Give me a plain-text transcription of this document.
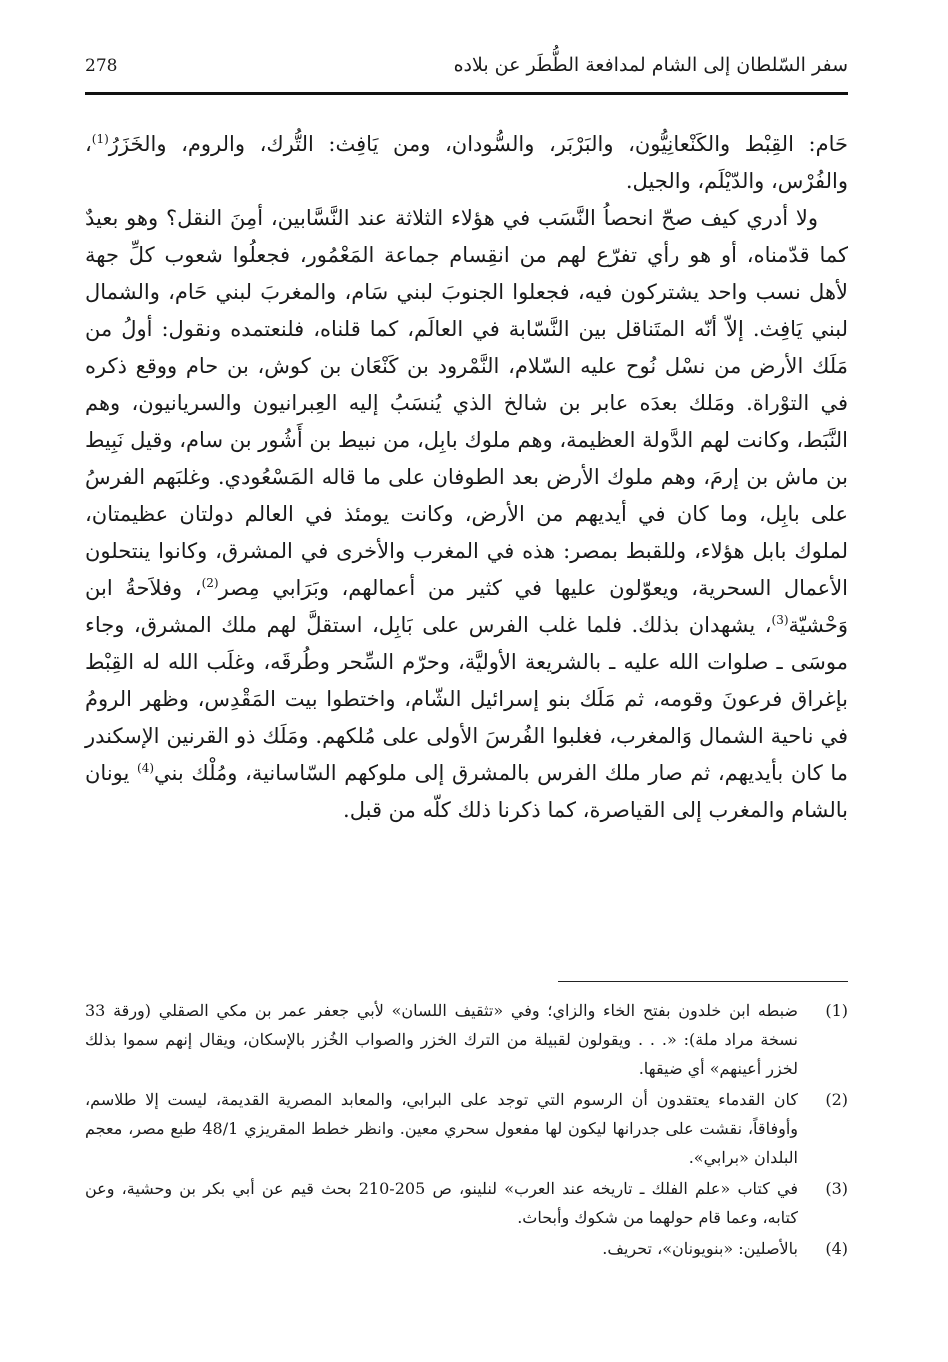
سفر السّلطان إلى الشام لمدافعة الطُّطَر عن بلاده
278

حَام: القِبْط والكَنْعانِيُّون، والبَرْبَر، والسُّودان، ومن يَافِث: التُّرك، والروم، والخَزَرُ$^{(1)}$، والفُرْس، والدّيْلَم، والجيل.

ولا أدري كيف صحّ انحصاُ النَّسَب في هؤلاء الثلاثة عند النَّسَّابين، أمِنَ النقل؟ وهو بعيدٌ كما قدّمناه، أو هو رأي تفرّع لهم من انقِسام جماعة المَعْمُور، فجعلُوا شعوب كلِّ جهة لأهل نسب واحد يشتركون فيه، فجعلوا الجنوبَ لبني سَام، والمغربَ لبني حَام، والشمال لبني يَافِث. إلاّ أنّه المتَناقل بين النَّسّابة في العالَم، كما قلناه، فلنعتمده ونقول: أولُ من مَلَك الأرض من نسْل نُوح عليه السّلام، النَّمْرود بن كَنْعَان بن كوش، بن حام ووقع ذكره في التوْراة. ومَلك بعدَه عابر بن شالخ الذي يُنسَبُ إليه العِبرانيون والسريانيون، وهم النَّبَط، وكانت لهم الدَّولة العظيمة، وهم ملوك بابِل، من نبيط بن أَشُور بن سام، وقيل نَبِيط بن ماش بن إرمَ، وهم ملوك الأرض بعد الطوفان على ما قاله المَسْعُودي. وغلبَهم الفرسُ على بابِل، وما كان في أيديهم من الأرض، وكانت يومئذ في العالم دولتان عظيمتان، لملوك بابل هؤلاء، وللقبط بمصر: هذه في المغرب والأخرى في المشرق، وكانوا ينتحلون الأعمال السحرية، ويعوّلون عليها في كثير من أعمالهم، وبَرَابي مِصر$^{(2)}$، وفلاَحةُ ابن وَحْشيّة$^{(3)}$، يشهدان بذلك. فلما غلب الفرس على بَابِل، استقلَّ لهم ملك المشرق، وجاء موسَى ـ صلوات الله عليه ـ بالشريعة الأوليَّة، وحرّم السِّحر وطُرقَه، وغلَب الله له القِبْط بإغراق فرعونَ وقومه، ثم مَلَك بنو إسرائيل الشّام، واختطوا بيت المَقْدِس، وظهر الرومُ في ناحية الشمال وَالمغرب، فغلبوا الفُرسَ الأولى على مُلكهم. ومَلَك ذو القرنين الإسكندر ما كان بأيديهم، ثم صار ملك الفرس بالمشرق إلى ملوكهم السّاسانية، ومُلْك بني$^{(4)}$ يونان بالشام والمغرب إلى القياصرة، كما ذكرنا ذلك كلّه من قبل.

(1)
ضبطه ابن خلدون بفتح الخاء والزاي؛ وفي «تثقيف اللسان» لأبي جعفر عمر بن مكي الصقلي (ورقة 33 نسخة مراد ملة): «. . . ويقولون لقبيلة من الترك الخزر والصواب الخُزر بالإسكان، ويقال إنهم سموا بذلك لخزر أعينهم» أي ضيقها.
(2)
كان القدماء يعتقدون أن الرسوم التي توجد على البرابي، والمعابد المصرية القديمة، ليست إلا طلاسم، وأوفاقاً، نقشت على جدرانها ليكون لها مفعول سحري معين. وانظر خطط المقريزي 48/1 طبع مصر، معجم البلدان «برابي».
(3)
في كتاب «علم الفلك ـ تاريخه عند العرب» لنلينو، ص 205-210 بحث قيم عن أبي بكر بن وحشية، وعن كتابه، وعما قام حولهما من شكوك وأبحاث.
(4)
بالأصلين: «بنويونان»، تحريف.
